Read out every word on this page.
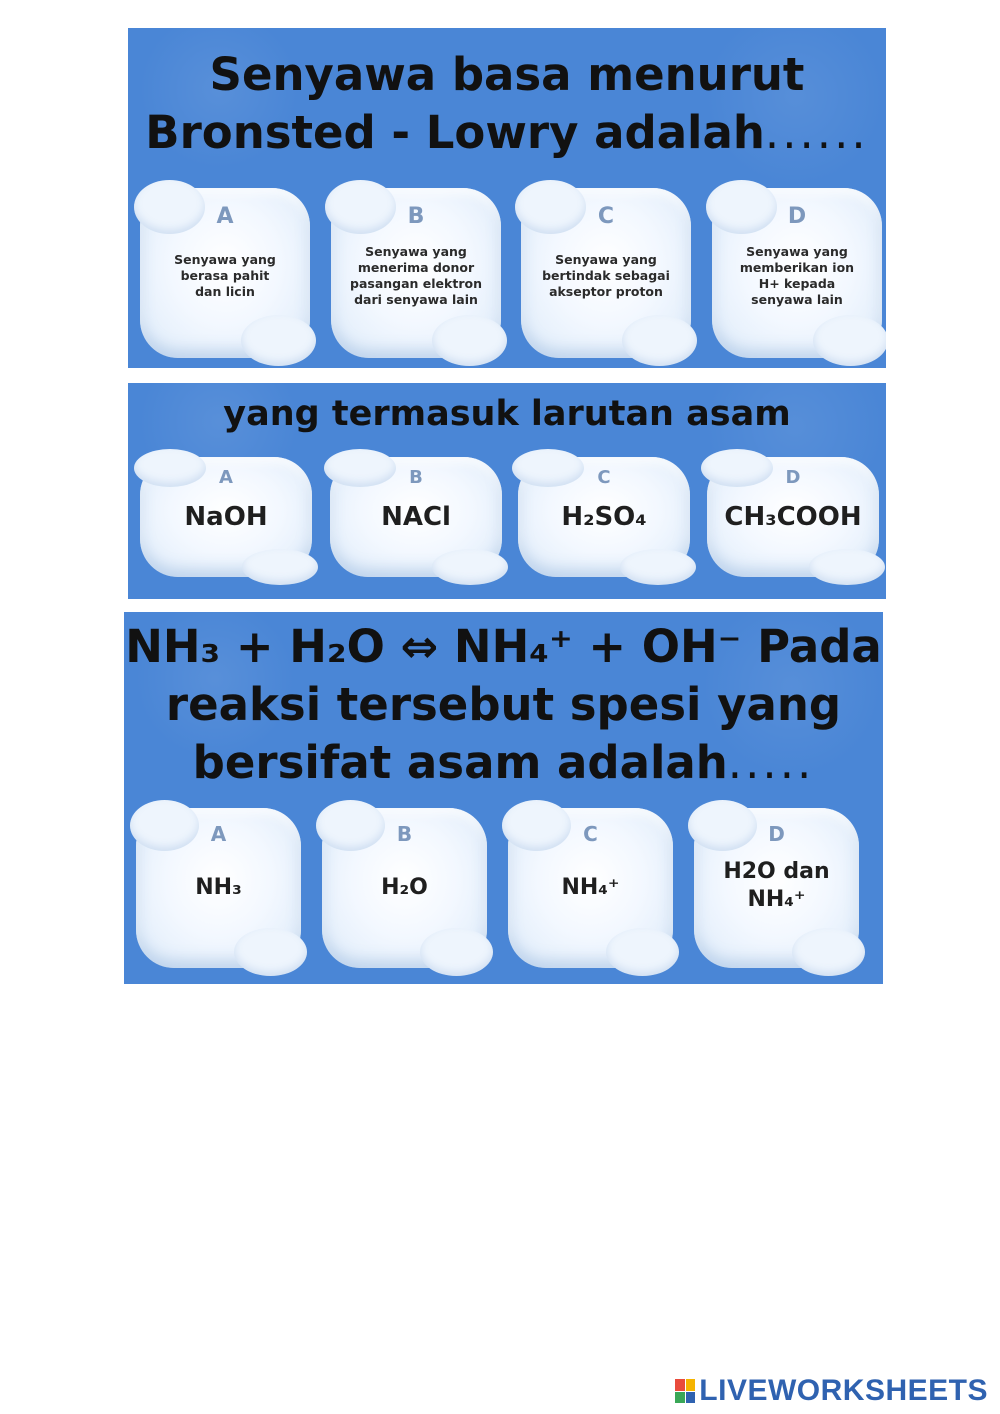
Senyawa basa menurut
Bronsted - Lowry adalah......
A
Senyawa yang berasa pahit dan licin
B
Senyawa yang menerima donor pasangan elektron dari senyawa lain
C
Senyawa yang bertindak sebagai akseptor proton
D
Senyawa yang memberikan ion H+ kepada senyawa lain
yang termasuk larutan asam
A
NaOH
B
NACl
C
H₂SO₄
D
CH₃COOH
NH₃ + H₂O ⇔ NH₄⁺ + OH⁻ Pada
reaksi tersebut spesi yang
bersifat asam adalah.....
A
NH₃
B
H₂O
C
NH₄⁺
D
H2O dan NH₄⁺
LIVEWORKSHEETS
